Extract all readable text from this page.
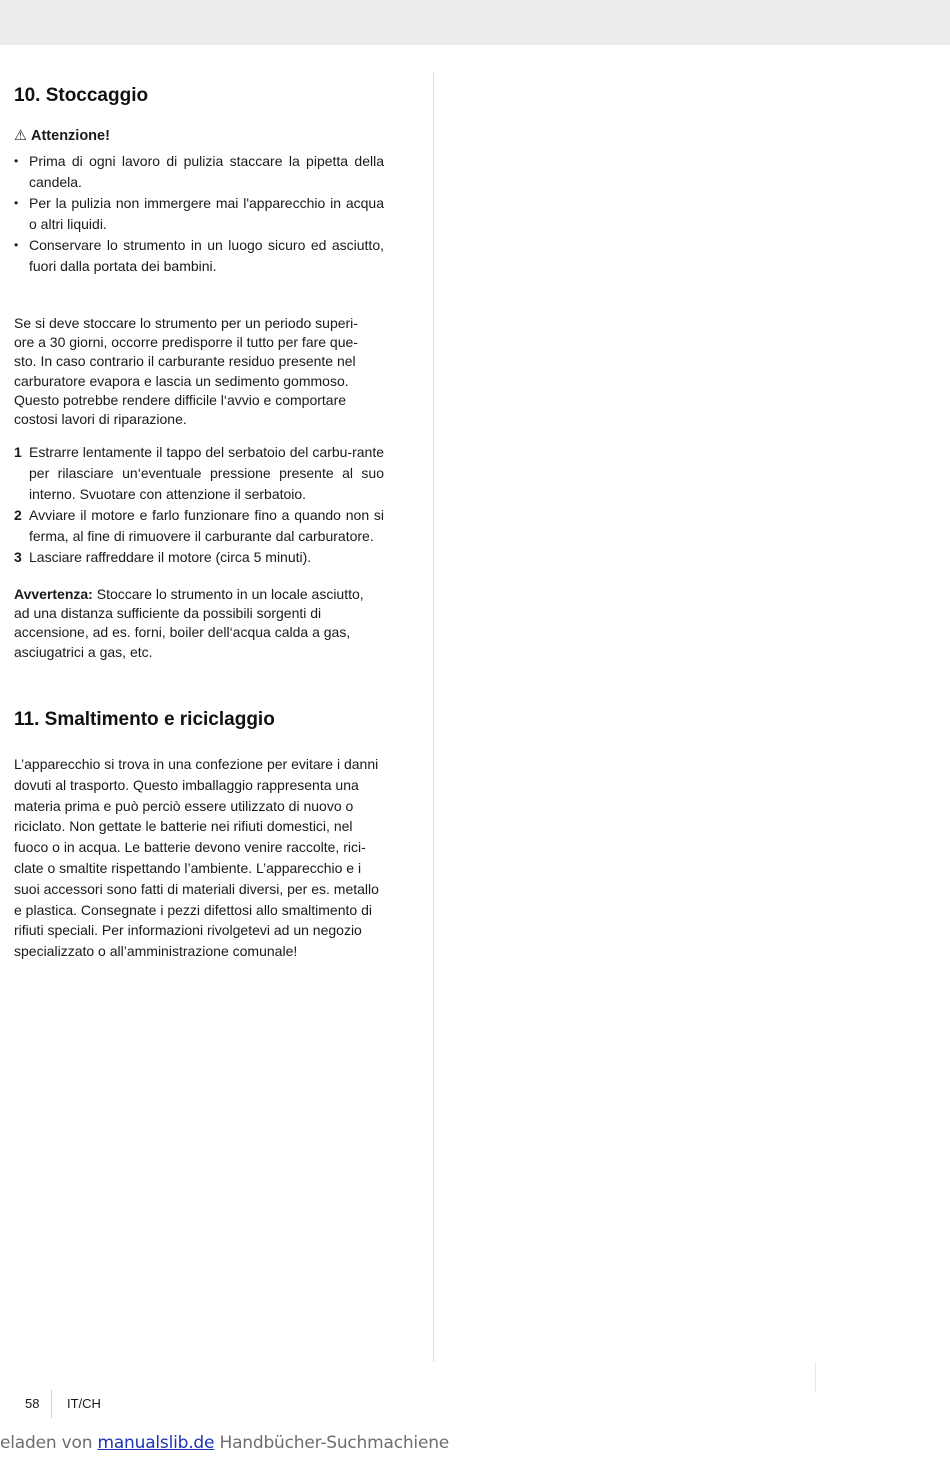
10. Stoccaggio
⚠ Attenzione!
• Prima di ogni lavoro di pulizia staccare la pipetta della candela.
• Per la pulizia non immergere mai l'apparecchio in acqua o altri liquidi.
• Conservare lo strumento in un luogo sicuro ed asciutto, fuori dalla portata dei bambini.
Se si deve stoccare lo strumento per un periodo superi-
ore a 30 giorni, occorre predisporre il tutto per fare que-
sto. In caso contrario il carburante residuo presente nel
carburatore evapora e lascia un sedimento gommoso.
Questo potrebbe rendere difficile l‘avvio e comportare
costosi lavori di riparazione.
1 Estrarre lentamente il tappo del serbatoio del carbu-rante per rilasciare un‘eventuale pressione presente al suo interno. Svuotare con attenzione il serbatoio.
2 Avviare il motore e farlo funzionare fino a quando non si ferma, al fine di rimuovere il carburante dal carburatore.
3 Lasciare raffreddare il motore (circa 5 minuti).
Avvertenza: Stoccare lo strumento in un locale asciutto,
ad una distanza sufficiente da possibili sorgenti di
accensione, ad es. forni, boiler dell‘acqua calda a gas,
asciugatrici a gas, etc.
11. Smaltimento e riciclaggio
L’apparecchio si trova in una confezione per evitare i danni
dovuti al trasporto. Questo imballaggio rappresenta una
materia prima e può perciò essere utilizzato di nuovo o
riciclato. Non gettate le batterie nei rifiuti domestici, nel
fuoco o in acqua. Le batterie devono venire raccolte, rici-
clate o smaltite rispettando l’ambiente. L’apparecchio e i
suoi accessori sono fatti di materiali diversi, per es. metallo
e plastica. Consegnate i pezzi difettosi allo smaltimento di
rifiuti speciali. Per informazioni rivolgetevi ad un negozio
specializzato o all’amministrazione comunale!
58 IT/CH
eladen von manualslib.de Handbücher-Suchmachiene
